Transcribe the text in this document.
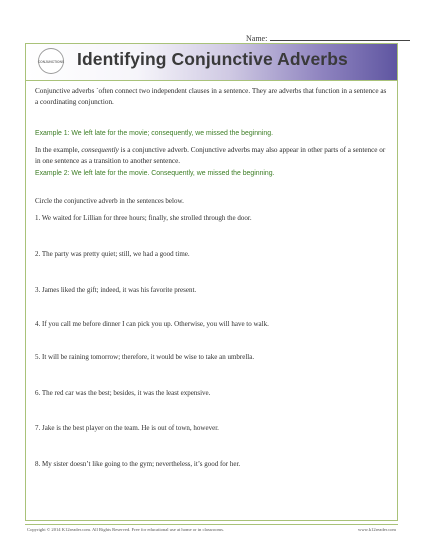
Name:
CONJUNCTIONS Identifying Conjunctive Adverbs
Conjunctive adverbs ´often connect two independent clauses in a sentence. They are adverbs that function in a sentence as a coordinating conjunction.
Example 1: We left late for the movie; consequently, we missed the beginning.
In the example, consequently is a conjunctive adverb. Conjunctive adverbs may also appear in other parts of a sentence or in one sentence as a transition to another sentence.
Example 2: We left late for the movie. Consequently, we missed the beginning.
Circle the conjunctive adverb in the sentences below.
1. We waited for Lillian for three hours; finally, she strolled through the door.
2. The party was pretty quiet; still, we had a good time.
3. James liked the gift; indeed, it was his favorite present.
4. If you call me before dinner I can pick you up. Otherwise, you will have to walk.
5. It will be raining tomorrow; therefore, it would be wise to take an umbrella.
6. The red car was the best; besides, it was the least expensive.
7. Jake is the best player on the team. He is out of town, however.
8. My sister doesn’t like going to the gym; nevertheless, it’s good for her.
Copyright © 2014 K12reader.com. All Rights Reserved. Free for educational use at home or in classrooms.	www.k12reader.com
